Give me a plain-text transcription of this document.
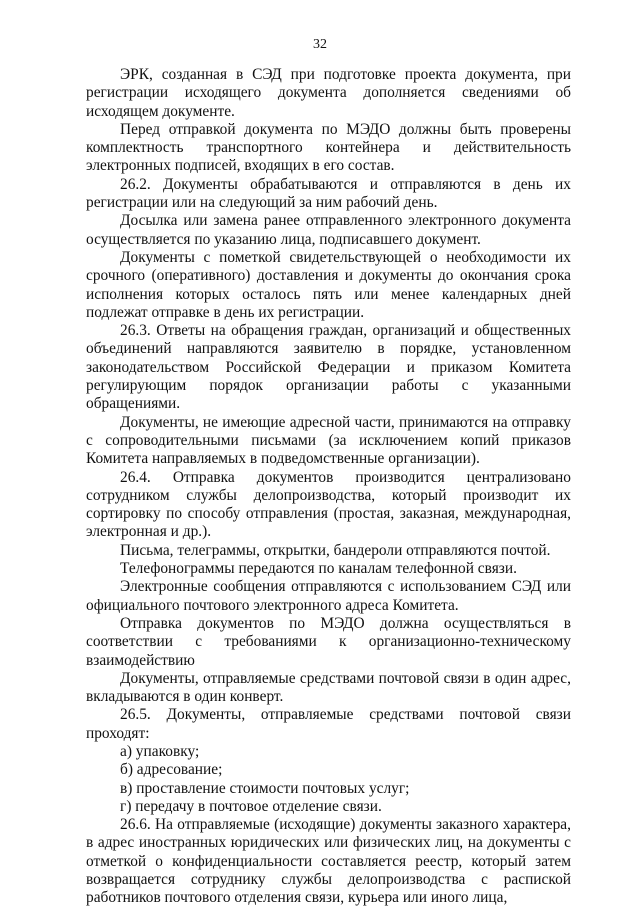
32

ЭРК, созданная в СЭД при подготовке проекта документа, при регистрации исходящего документа дополняется сведениями об исходящем документе.

Перед отправкой документа по МЭДО должны быть проверены комплектность транспортного контейнера и действительность электронных подписей, входящих в его состав.

26.2. Документы обрабатываются и отправляются в день их регистрации или на следующий за ним рабочий день.

Досылка или замена ранее отправленного электронного документа осуществляется по указанию лица, подписавшего документ.

Документы с пометкой свидетельствующей о необходимости их срочного (оперативного) доставления и документы до окончания срока исполнения которых осталось пять или менее календарных дней подлежат отправке в день их регистрации.

26.3. Ответы на обращения граждан, организаций и общественных объединений направляются заявителю в порядке, установленном законодательством Российской Федерации и приказом Комитета регулирующим порядок организации работы с указанными обращениями.

Документы, не имеющие адресной части, принимаются на отправку с сопроводительными письмами (за исключением копий приказов Комитета направляемых в подведомственные организации).

26.4. Отправка документов производится централизовано сотрудником службы делопроизводства, который производит их сортировку по способу отправления (простая, заказная, международная, электронная и др.).

Письма, телеграммы, открытки, бандероли отправляются почтой.

Телефонограммы передаются по каналам телефонной связи.

Электронные сообщения отправляются с использованием СЭД или официального почтового электронного адреса Комитета.

Отправка документов по МЭДО должна осуществляться в соответствии с требованиями к организационно-техническому взаимодействию

Документы, отправляемые средствами почтовой связи в один адрес, вкладываются в один конверт.

26.5. Документы, отправляемые средствами почтовой связи проходят:

а) упаковку;

б) адресование;

в) проставление стоимости почтовых услуг;

г) передачу в почтовое отделение связи.

26.6. На отправляемые (исходящие) документы заказного характера, в адрес иностранных юридических или физических лиц, на документы с отметкой о конфиденциальности составляется реестр, который затем возвращается сотруднику службы делопроизводства с распиской работников почтового отделения связи, курьера или иного лица,
